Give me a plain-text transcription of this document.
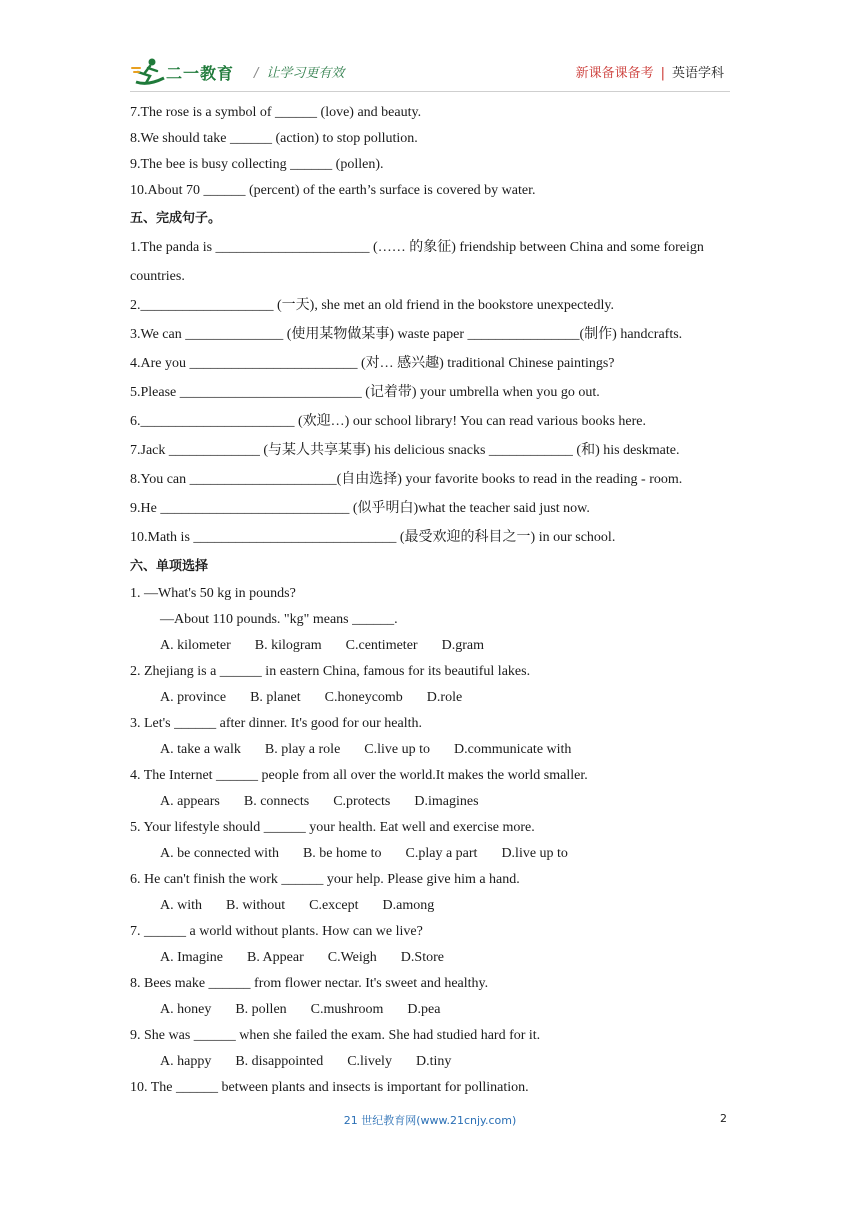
二一教育 / 让学习更有效	新课备课备考 | 英语学科
7.The rose is a symbol of ______ (love) and beauty.
8.We should take ______ (action) to stop pollution.
9.The bee is busy collecting ______ (pollen).
10.About 70 ______ (percent) of the earth’s surface is covered by water.
五、完成句子。
1.The panda is ______________________ (…… 的象征) friendship between China and some foreign countries.
2.___________________ (一天), she met an old friend in the bookstore unexpectedly.
3.We can ______________ (使用某物做某事) waste paper ________________(制作) handcrafts.
4.Are you ________________________ (对… 感兴趣) traditional Chinese paintings?
5.Please __________________________ (记着带) your umbrella when you go out.
6.______________________ (欢迎…) our school library! You can read various books here.
7.Jack _____________ (与某人共享某事) his delicious snacks ____________ (和) his deskmate.
8.You can _____________________(自由选择) your favorite books to read in the reading - room.
9.He ___________________________ (似乎明白)what the teacher said just now.
10.Math is _____________________________ (最受欢迎的科目之一) in our school.
六、单项选择
1. —What's 50 kg in pounds?
—About 110 pounds. "kg" means ______.
A. kilometer B. kilogram C.centimeter D.gram
2. Zhejiang is a ______ in eastern China, famous for its beautiful lakes.
A. province B. planet C.honeycomb D.role
3. Let's ______ after dinner. It's good for our health.
A. take a walk B. play a role C.live up to D.communicate with
4. The Internet ______ people from all over the world.It makes the world smaller.
A. appears B. connects C.protects D.imagines
5. Your lifestyle should ______ your health. Eat well and exercise more.
A. be connected with B. be home to C.play a part D.live up to
6. He can't finish the work ______ your help. Please give him a hand.
A. with B. without C.except D.among
7. ______ a world without plants. How can we live?
A. Imagine B. Appear C.Weigh D.Store
8. Bees make ______ from flower nectar. It's sweet and healthy.
A. honey B. pollen C.mushroom D.pea
9. She was ______ when she failed the exam. She had studied hard for it.
A. happy B. disappointed C.lively D.tiny
10. The ______ between plants and insects is important for pollination.
21 世纪教育网(www.21cnjy.com)	2
